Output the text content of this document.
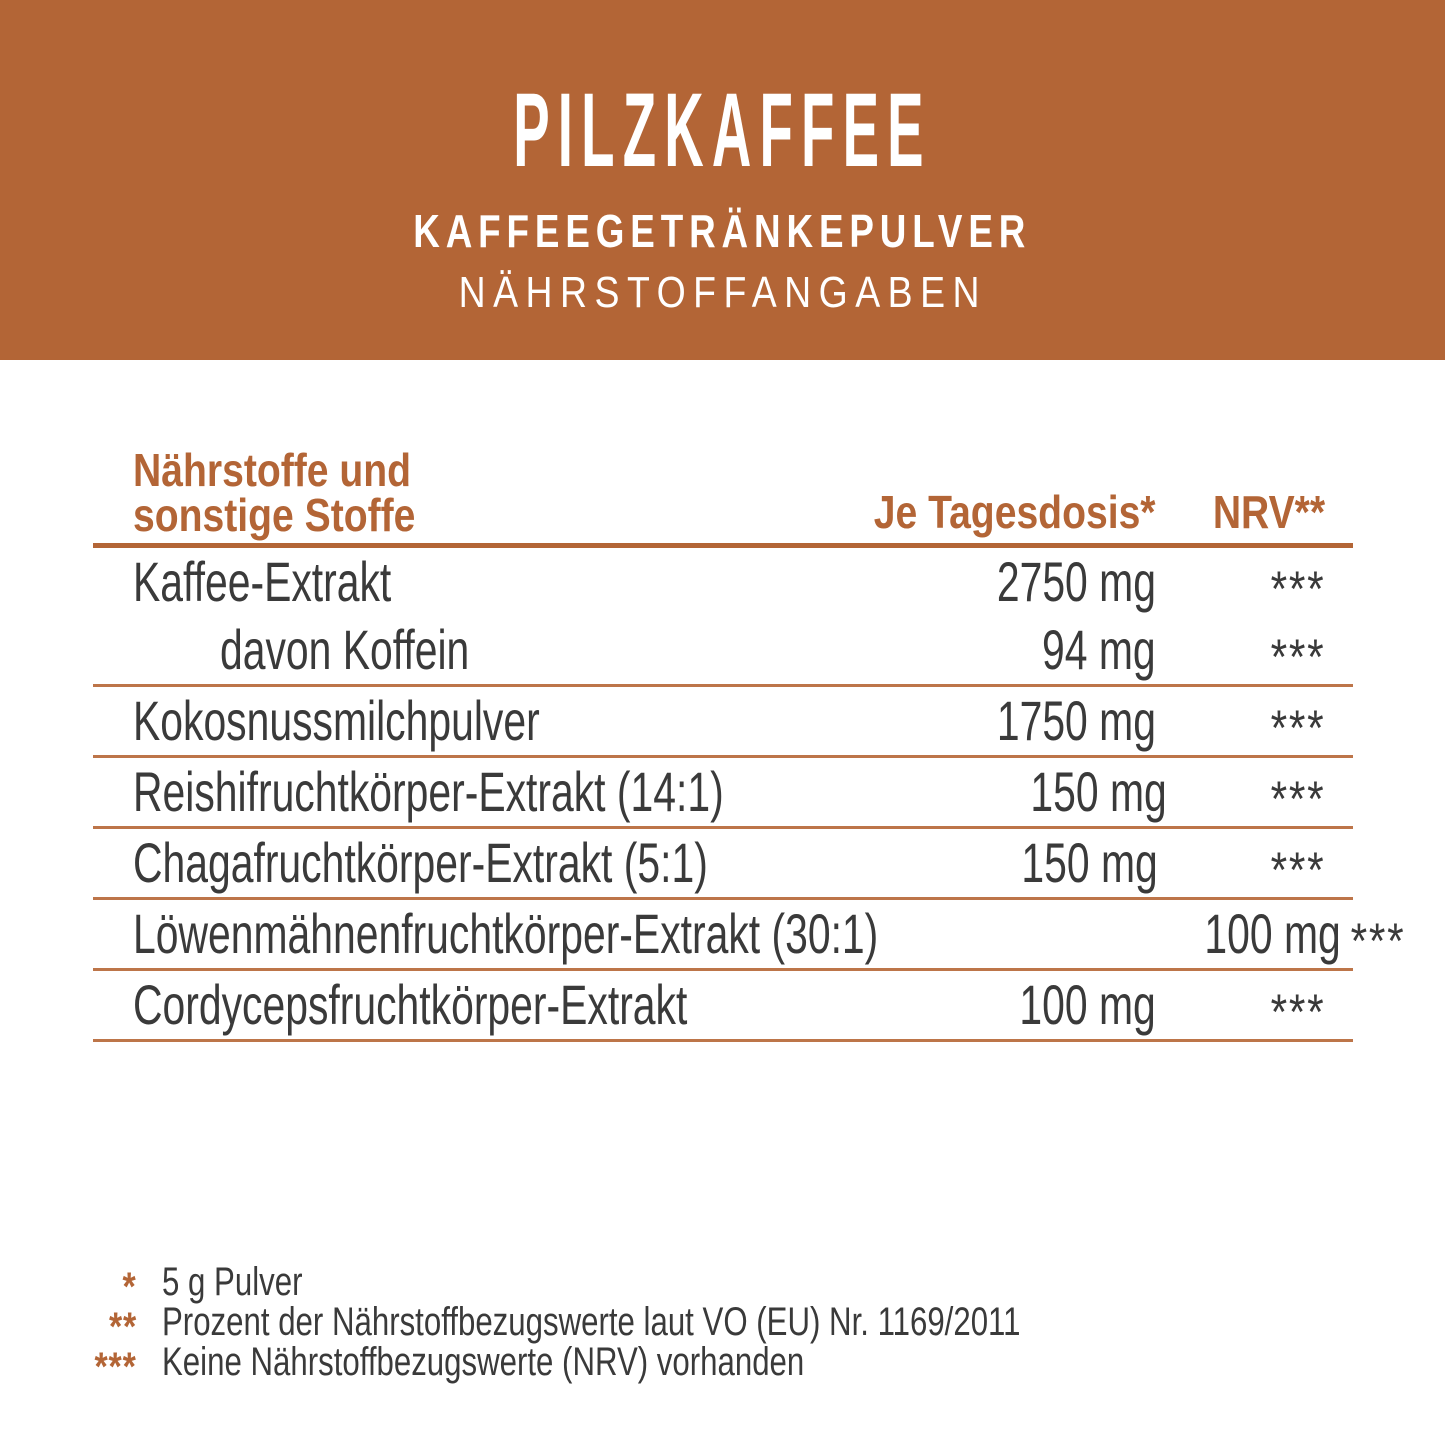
PILZKAFFEE
KAFFEEGETRÄNKEPULVER
NÄHRSTOFFANGABEN
Nährstoffe und
sonstige Stoffe	Je Tagesdosis*	NRV**
Kaffee-Extrakt	2750 mg	***
davon Koffein	94 mg	***
Kokosnussmilchpulver	1750 mg	***
Reishifruchtkörper-Extrakt (14:1)	150 mg	***
Chagafruchtkörper-Extrakt (5:1)	150 mg	***
Löwenmähnenfruchtkörper-Extrakt (30:1)	100 mg ***
Cordycepsfruchtkörper-Extrakt	100 mg	***
* 5 g Pulver
** Prozent der Nährstoffbezugswerte laut VO (EU) Nr. 1169/2011
*** Keine Nährstoffbezugswerte (NRV) vorhanden
